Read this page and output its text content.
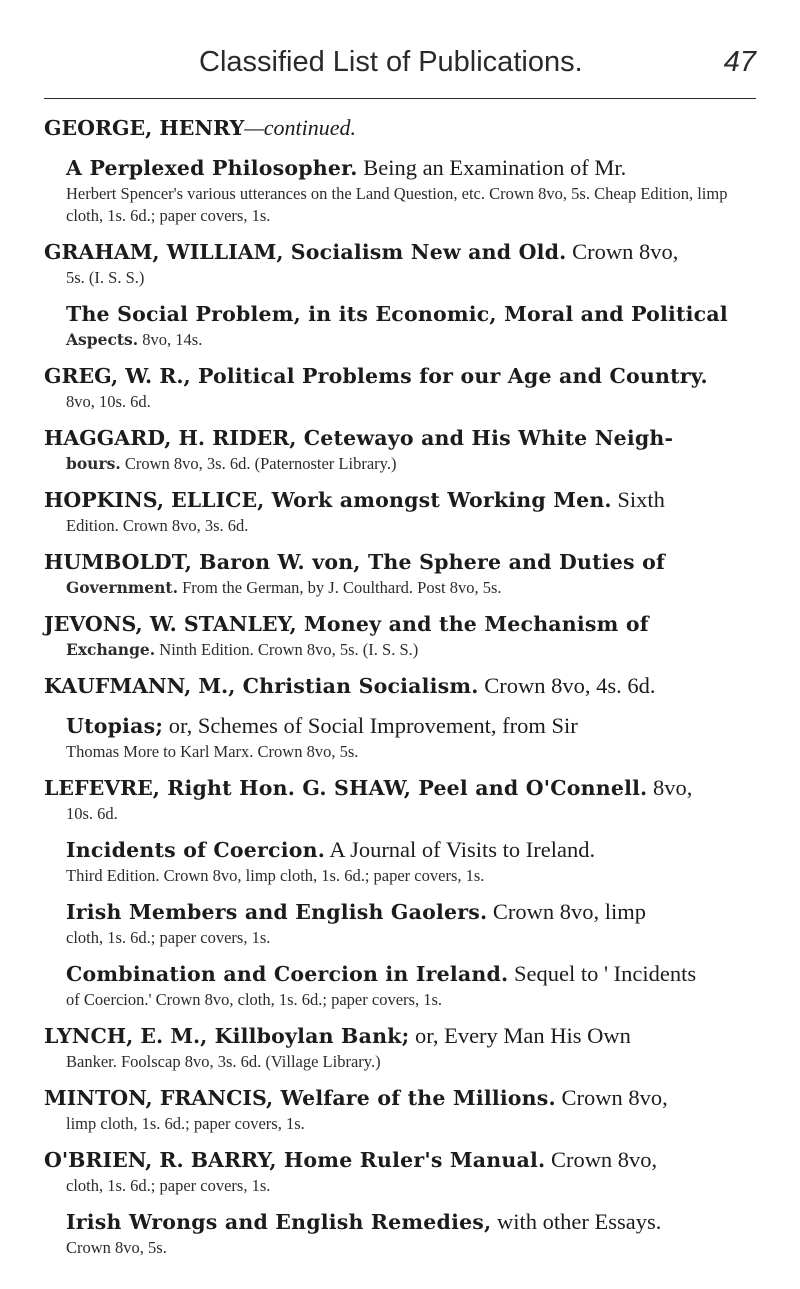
Classified List of Publications.	47
GEORGE, HENRY—continued.
A Perplexed Philosopher. Being an Examination of Mr.
Herbert Spencer's various utterances on the Land Question, etc. Crown 8vo, 5s. Cheap Edition, limp cloth, 1s. 6d.; paper covers, 1s.
GRAHAM, WILLIAM, Socialism New and Old. Crown 8vo,
5s. (I. S. S.)
The Social Problem, in its Economic, Moral and Political
Aspects. 8vo, 14s.
GREG, W. R., Political Problems for our Age and Country.
8vo, 10s. 6d.
HAGGARD, H. RIDER, Cetewayo and His White Neigh-
bours. Crown 8vo, 3s. 6d. (Paternoster Library.)
HOPKINS, ELLICE, Work amongst Working Men. Sixth
Edition. Crown 8vo, 3s. 6d.
HUMBOLDT, Baron W. von, The Sphere and Duties of
Government. From the German, by J. Coulthard. Post 8vo, 5s.
JEVONS, W. STANLEY, Money and the Mechanism of
Exchange. Ninth Edition. Crown 8vo, 5s. (I. S. S.)
KAUFMANN, M., Christian Socialism. Crown 8vo, 4s. 6d.
Utopias; or, Schemes of Social Improvement, from Sir
Thomas More to Karl Marx. Crown 8vo, 5s.
LEFEVRE, Right Hon. G. SHAW, Peel and O'Connell. 8vo,
10s. 6d.
Incidents of Coercion. A Journal of Visits to Ireland.
Third Edition. Crown 8vo, limp cloth, 1s. 6d.; paper covers, 1s.
Irish Members and English Gaolers. Crown 8vo, limp
cloth, 1s. 6d.; paper covers, 1s.
Combination and Coercion in Ireland. Sequel to ' Incidents
of Coercion.' Crown 8vo, cloth, 1s. 6d.; paper covers, 1s.
LYNCH, E. M., Killboylan Bank; or, Every Man His Own
Banker. Foolscap 8vo, 3s. 6d. (Village Library.)
MINTON, FRANCIS, Welfare of the Millions. Crown 8vo,
limp cloth, 1s. 6d.; paper covers, 1s.
O'BRIEN, R. BARRY, Home Ruler's Manual. Crown 8vo,
cloth, 1s. 6d.; paper covers, 1s.
Irish Wrongs and English Remedies, with other Essays.
Crown 8vo, 5s.
